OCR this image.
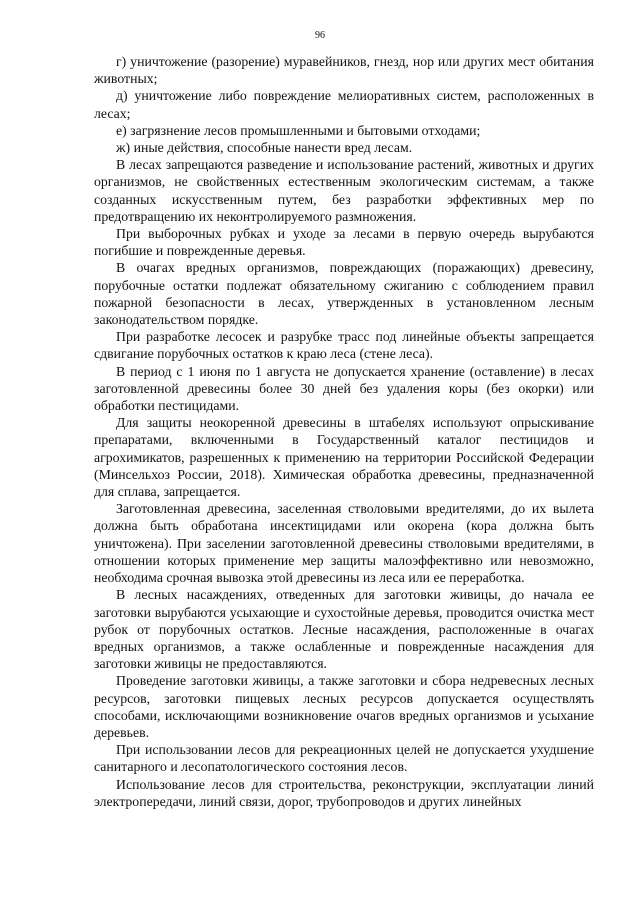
96

г) уничтожение (разорение) муравейников, гнезд, нор или других мест обитания животных;

д) уничтожение либо повреждение мелиоративных систем, расположенных в лесах;

е) загрязнение лесов промышленными и бытовыми отходами;

ж) иные действия, способные нанести вред лесам.

В лесах запрещаются разведение и использование растений, животных и других организмов, не свойственных естественным экологическим системам, а также созданных искусственным путем, без разработки эффективных мер по предотвращению их неконтролируемого размножения.

При выборочных рубках и уходе за лесами в первую очередь вырубаются погибшие и поврежденные деревья.

В очагах вредных организмов, повреждающих (поражающих) древесину, порубочные остатки подлежат обязательному сжиганию с соблюдением правил пожарной безопасности в лесах, утвержденных в установленном лесным законодательством порядке.

При разработке лесосек и разрубке трасс под линейные объекты запрещается сдвигание порубочных остатков к краю леса (стене леса).

В период с 1 июня по 1 августа не допускается хранение (оставление) в лесах заготовленной древесины более 30 дней без удаления коры (без окорки) или обработки пестицидами.

Для защиты неокоренной древесины в штабелях используют опрыскивание препаратами, включенными в Государственный каталог пестицидов и агрохимикатов, разрешенных к применению на территории Российской Федерации (Минсельхоз России, 2018). Химическая обработка древесины, предназначенной для сплава, запрещается.

Заготовленная древесина, заселенная стволовыми вредителями, до их вылета должна быть обработана инсектицидами или окорена (кора должна быть уничтожена). При заселении заготовленной древесины стволовыми вредителями, в отношении которых применение мер защиты малоэффективно или невозможно, необходима срочная вывозка этой древесины из леса или ее переработка.

В лесных насаждениях, отведенных для заготовки живицы, до начала ее заготовки вырубаются усыхающие и сухостойные деревья, проводится очистка мест рубок от порубочных остатков. Лесные насаждения, расположенные в очагах вредных организмов, а также ослабленные и поврежденные насаждения для заготовки живицы не предоставляются.

Проведение заготовки живицы, а также заготовки и сбора недревесных лесных ресурсов, заготовки пищевых лесных ресурсов допускается осуществлять способами, исключающими возникновение очагов вредных организмов и усыхание деревьев.

При использовании лесов для рекреационных целей не допускается ухудшение санитарного и лесопатологического состояния лесов.

Использование лесов для строительства, реконструкции, эксплуатации линий электропередачи, линий связи, дорог, трубопроводов и других линейных
